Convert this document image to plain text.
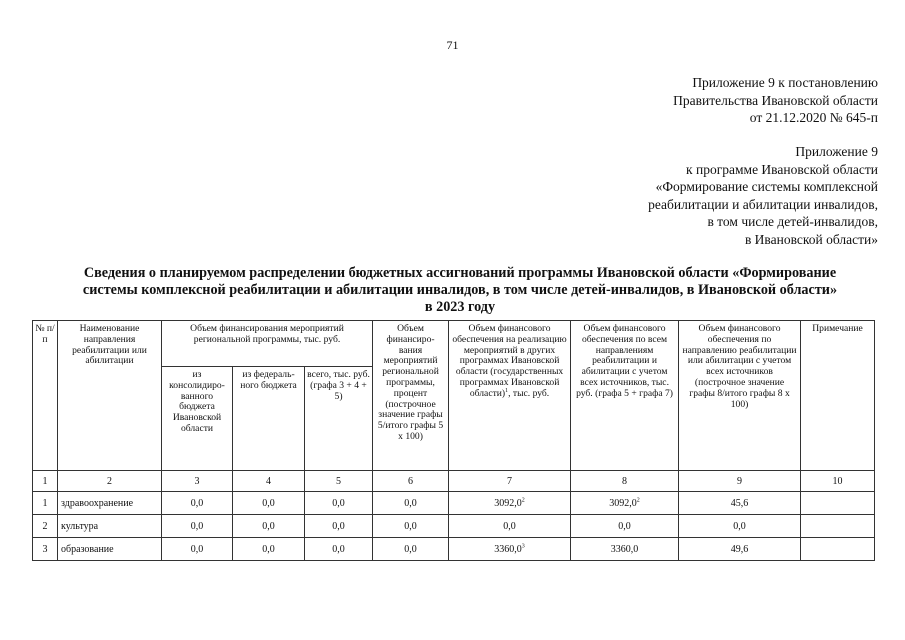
71
Приложение 9 к постановлению
Правительства Ивановской области
от 21.12.2020 № 645-п
Приложение 9
к программе Ивановской области
«Формирование системы комплексной
реабилитации и абилитации инвалидов,
в том числе детей-инвалидов,
в Ивановской области»
Сведения о планируемом распределении бюджетных ассигнований программы Ивановской области «Формирование
системы комплексной реабилитации и абилитации инвалидов, в том числе детей-инвалидов, в Ивановской области»
в 2023 году
№ п/п	Наименование направления реабилитации или абилитации	Объем финансирования мероприятий региональной программы, тыс. руб.			Объем финансиро-вания мероприятий региональной программы, процент (построчное значение графы 5/итого графы 5 х 100)	Объем финансового обеспечения на реализацию мероприятий в других программах Ивановской области (государственных программах Ивановской области)$^1$, тыс. руб.	Объем финансового обеспечения по всем направлениям реабилитации и абилитации с учетом всех источников, тыс. руб. (графа 5 + графа 7)	Объем финансового обеспечения по направлению реабилитации или абилитации с учетом всех источников (построчное значение графы 8/итого графы 8 х 100)	Примечание
		из консолидиро-ванного бюджета Ивановской области	из федераль-ного бюджета	всего, тыс. руб. (графа 3 + 4 + 5)					
1	2	3	4	5	6	7	8	9	10
1	здравоохранение	0,0	0,0	0,0	0,0	3092,0$^2$	3092,0$^2$	45,6	
2	культура	0,0	0,0	0,0	0,0	0,0	0,0	0,0	
3	образование	0,0	0,0	0,0	0,0	3360,0$^3$	3360,0	49,6	
